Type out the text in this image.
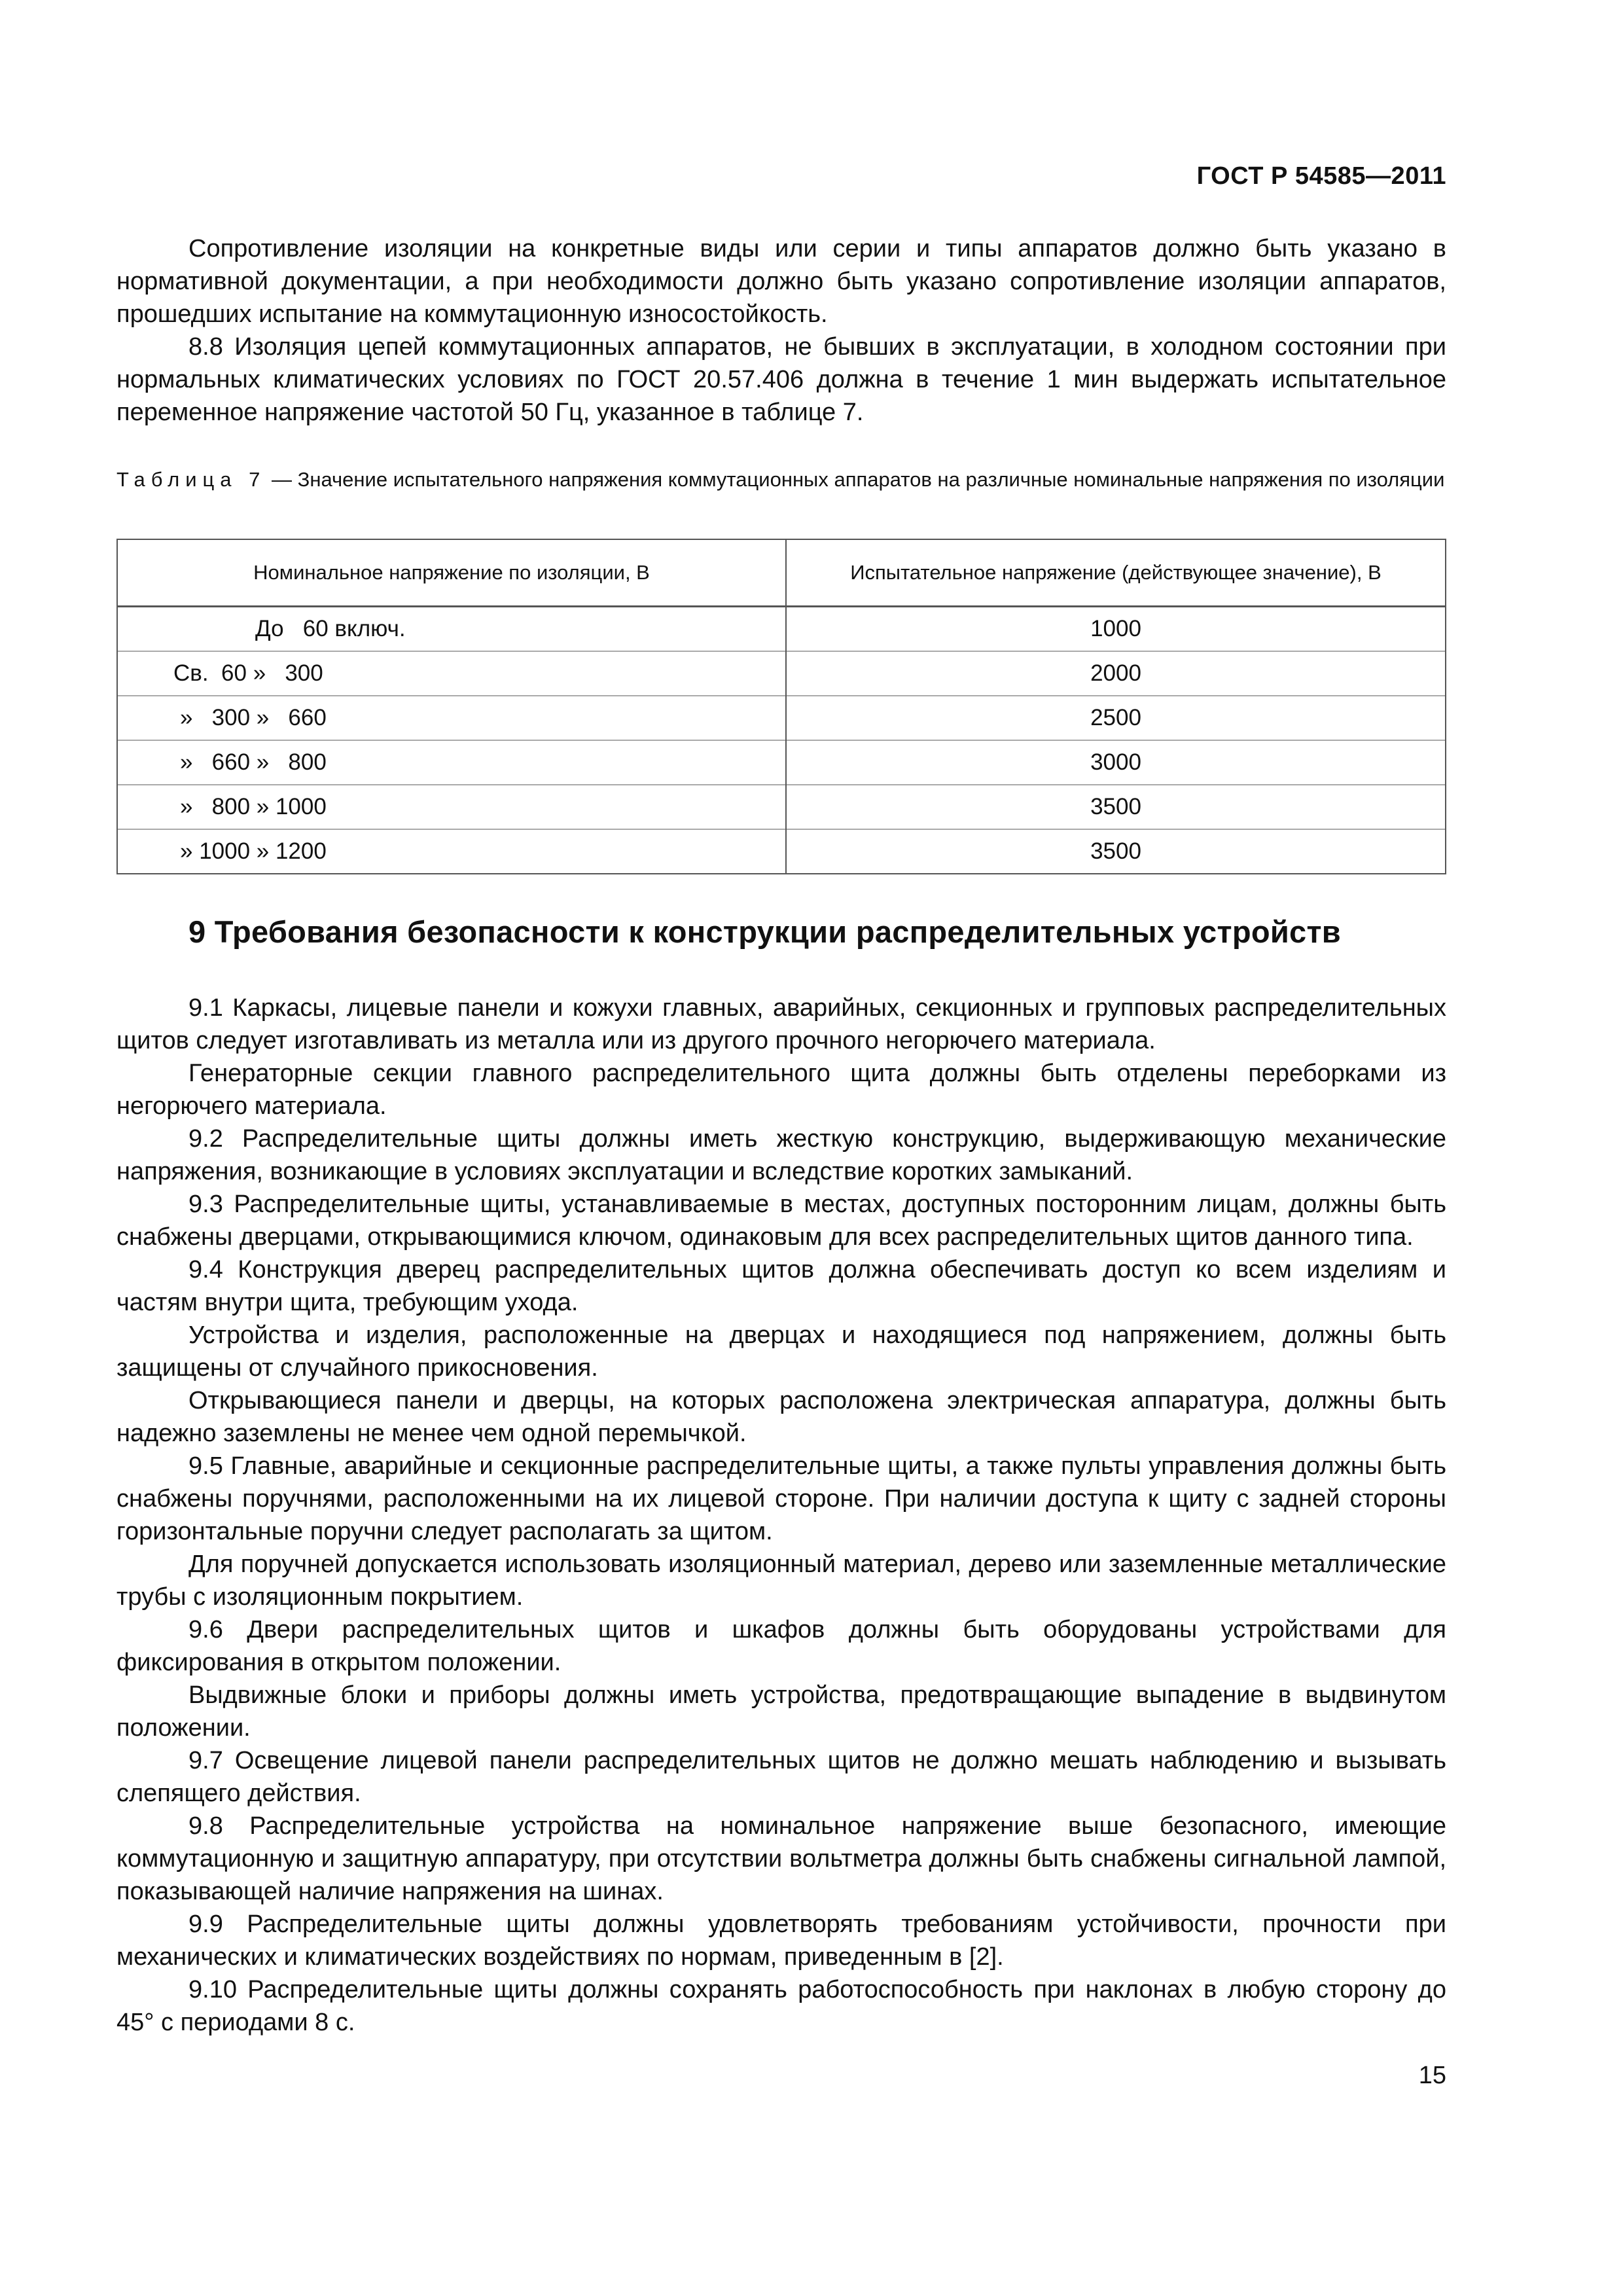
ГОСТ Р 54585—2011

Сопротивление изоляции на конкретные виды или серии и типы аппаратов должно быть указано в нормативной документации, а при необходимости должно быть указано сопротивление изоляции аппаратов, прошедших испытание на коммутационную износостойкость.

8.8 Изоляция цепей коммутационных аппаратов, не бывших в эксплуатации, в холодном состоянии при нормальных климатических условиях по ГОСТ 20.57.406 должна в течение 1 мин выдержать испытательное переменное напряжение частотой 50 Гц, указанное в таблице 7.

Таблица 7 — Значение испытательного напряжения коммутационных аппаратов на различные номинальные напряжения по изоляции
Номинальное напряжение по изоляции, В	Испытательное напряжение (действующее значение), В
До   60 включ.	1000
Св.  60 »   300	2000
»   300 »   660	2500
»   660 »   800	3000
»   800 » 1000	3500
» 1000 » 1200	3500
9 Требования безопасности к конструкции распределительных устройств

9.1 Каркасы, лицевые панели и кожухи главных, аварийных, секционных и групповых распределительных щитов следует изготавливать из металла или из другого прочного негорючего материала.

Генераторные секции главного распределительного щита должны быть отделены переборками из негорючего материала.

9.2 Распределительные щиты должны иметь жесткую конструкцию, выдерживающую механические напряжения, возникающие в условиях эксплуатации и вследствие коротких замыканий.

9.3 Распределительные щиты, устанавливаемые в местах, доступных посторонним лицам, должны быть снабжены дверцами, открывающимися ключом, одинаковым для всех распределительных щитов данного типа.

9.4 Конструкция дверец распределительных щитов должна обеспечивать доступ ко всем изделиям и частям внутри щита, требующим ухода.

Устройства и изделия, расположенные на дверцах и находящиеся под напряжением, должны быть защищены от случайного прикосновения.

Открывающиеся панели и дверцы, на которых расположена электрическая аппаратура, должны быть надежно заземлены не менее чем одной перемычкой.

9.5 Главные, аварийные и секционные распределительные щиты, а также пульты управления должны быть снабжены поручнями, расположенными на их лицевой стороне. При наличии доступа к щиту с задней стороны горизонтальные поручни следует располагать за щитом.

Для поручней допускается использовать изоляционный материал, дерево или заземленные металлические трубы с изоляционным покрытием.

9.6 Двери распределительных щитов и шкафов должны быть оборудованы устройствами для фиксирования в открытом положении.

Выдвижные блоки и приборы должны иметь устройства, предотвращающие выпадение в выдвинутом положении.

9.7 Освещение лицевой панели распределительных щитов не должно мешать наблюдению и вызывать слепящего действия.

9.8 Распределительные устройства на номинальное напряжение выше безопасного, имеющие коммутационную и защитную аппаратуру, при отсутствии вольтметра должны быть снабжены сигнальной лампой, показывающей наличие напряжения на шинах.

9.9 Распределительные щиты должны удовлетворять требованиям устойчивости, прочности при механических и климатических воздействиях по нормам, приведенным в [2].

9.10 Распределительные щиты должны сохранять работоспособность при наклонах в любую сторону до 45° с периодами 8 с.

15
